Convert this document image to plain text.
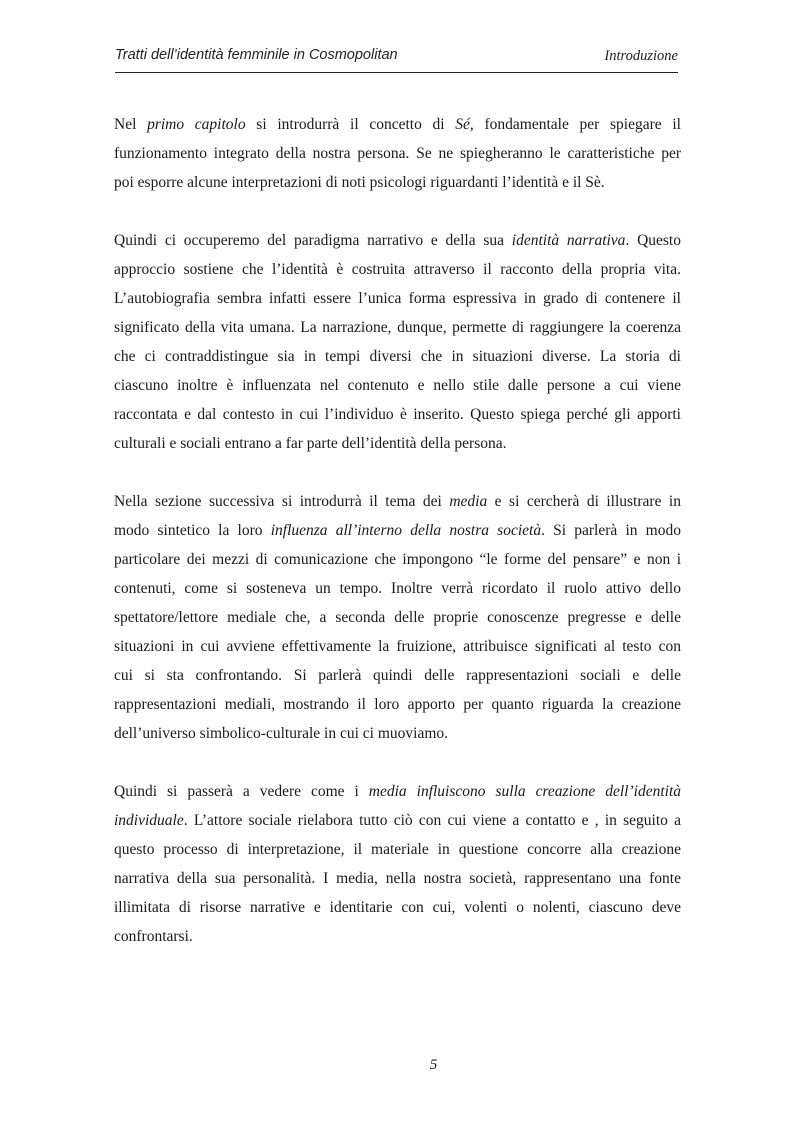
Tratti dell’identità femminile in Cosmopolitan	Introduzione

Nel primo capitolo si introdurrà il concetto di Sé, fondamentale per spiegare il
funzionamento integrato della nostra persona. Se ne spiegheranno le caratteristiche per
poi esporre alcune interpretazioni di noti psicologi riguardanti l’identità e il Sè.

Quindi ci occuperemo del paradigma narrativo e della sua identità narrativa. Questo
approccio sostiene che l’identità è costruita attraverso il racconto della propria vita.
L’autobiografia sembra infatti essere l’unica forma espressiva in grado di contenere il
significato della vita umana. La narrazione, dunque, permette di raggiungere la coerenza
che ci contraddistingue sia in tempi diversi che in situazioni diverse. La storia di
ciascuno inoltre è influenzata nel contenuto e nello stile dalle persone a cui viene
raccontata e dal contesto in cui l’individuo è inserito. Questo spiega perché gli apporti
culturali e sociali entrano a far parte dell’identità della persona.

Nella sezione successiva si introdurrà il tema dei media e si cercherà di illustrare in
modo sintetico la loro influenza all’interno della nostra società. Si parlerà in modo
particolare dei mezzi di comunicazione che impongono “le forme del pensare” e non i
contenuti, come si sosteneva un tempo. Inoltre verrà ricordato il ruolo attivo dello
spettatore/lettore mediale che, a seconda delle proprie conoscenze pregresse e delle
situazioni in cui avviene effettivamente la fruizione, attribuisce significati al testo con
cui si sta confrontando. Si parlerà quindi delle rappresentazioni sociali e delle
rappresentazioni mediali, mostrando il loro apporto per quanto riguarda la creazione
dell’universo simbolico-culturale in cui ci muoviamo.

Quindi si passerà a vedere come i media influiscono sulla creazione dell’identità
individuale. L’attore sociale rielabora tutto ciò con cui viene a contatto e , in seguito a
questo processo di interpretazione, il materiale in questione concorre alla creazione
narrativa della sua personalità. I media, nella nostra società, rappresentano una fonte
illimitata di risorse narrative e identitarie con cui, volenti o nolenti, ciascuno deve
confrontarsi.

5
